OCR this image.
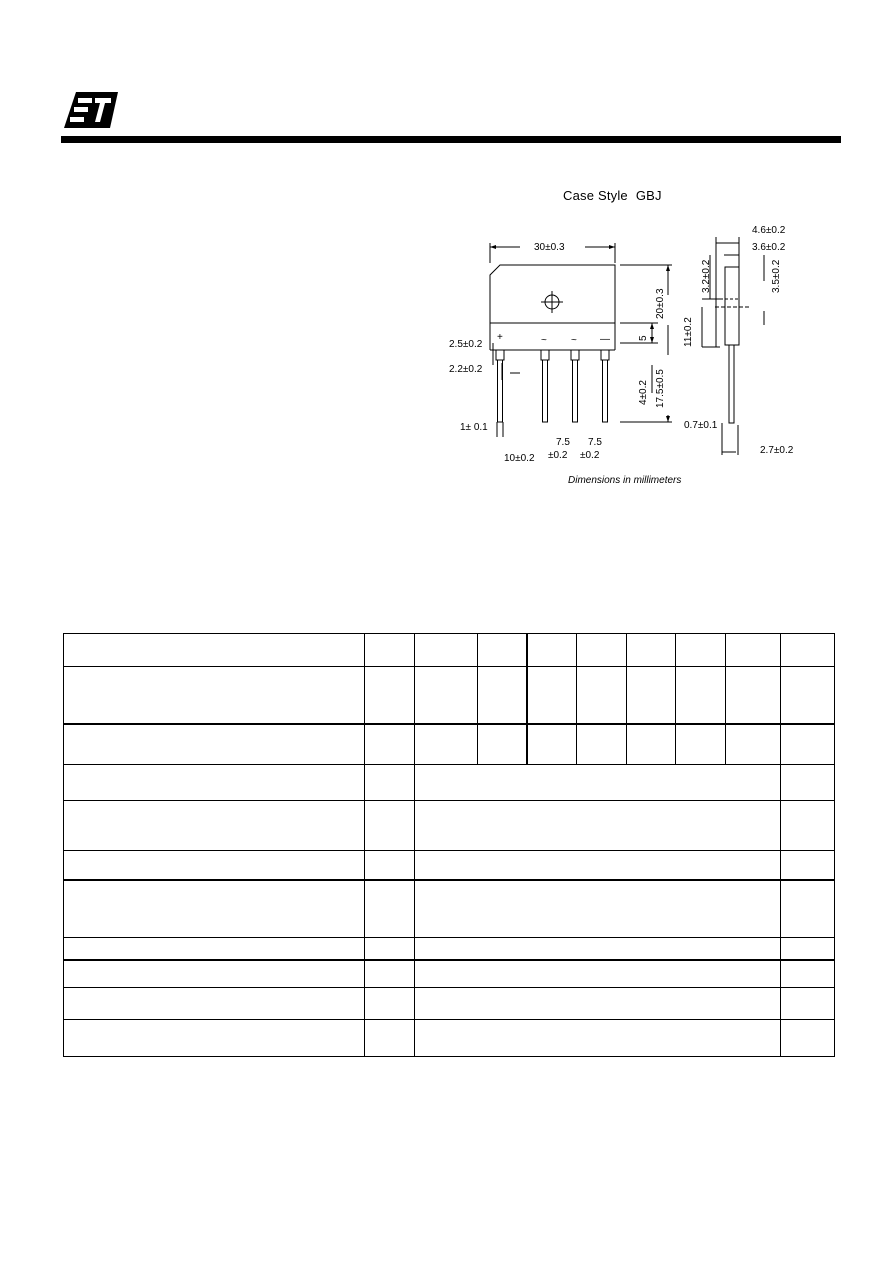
Case Style GBJ
30±0.3
20±0.3
5
17.5±0.5
4±0.2
2.5±0.2
2.2±0.2
1± 0.1
10±0.2
7.5
±0.2
7.5
±0.2
+	~ ~ —
4.6±0.2
3.6±0.2
3.2±0.2	3.5±0.2
11±0.2
0.7±0.1
2.7±0.2
Dimensions in millimeters
